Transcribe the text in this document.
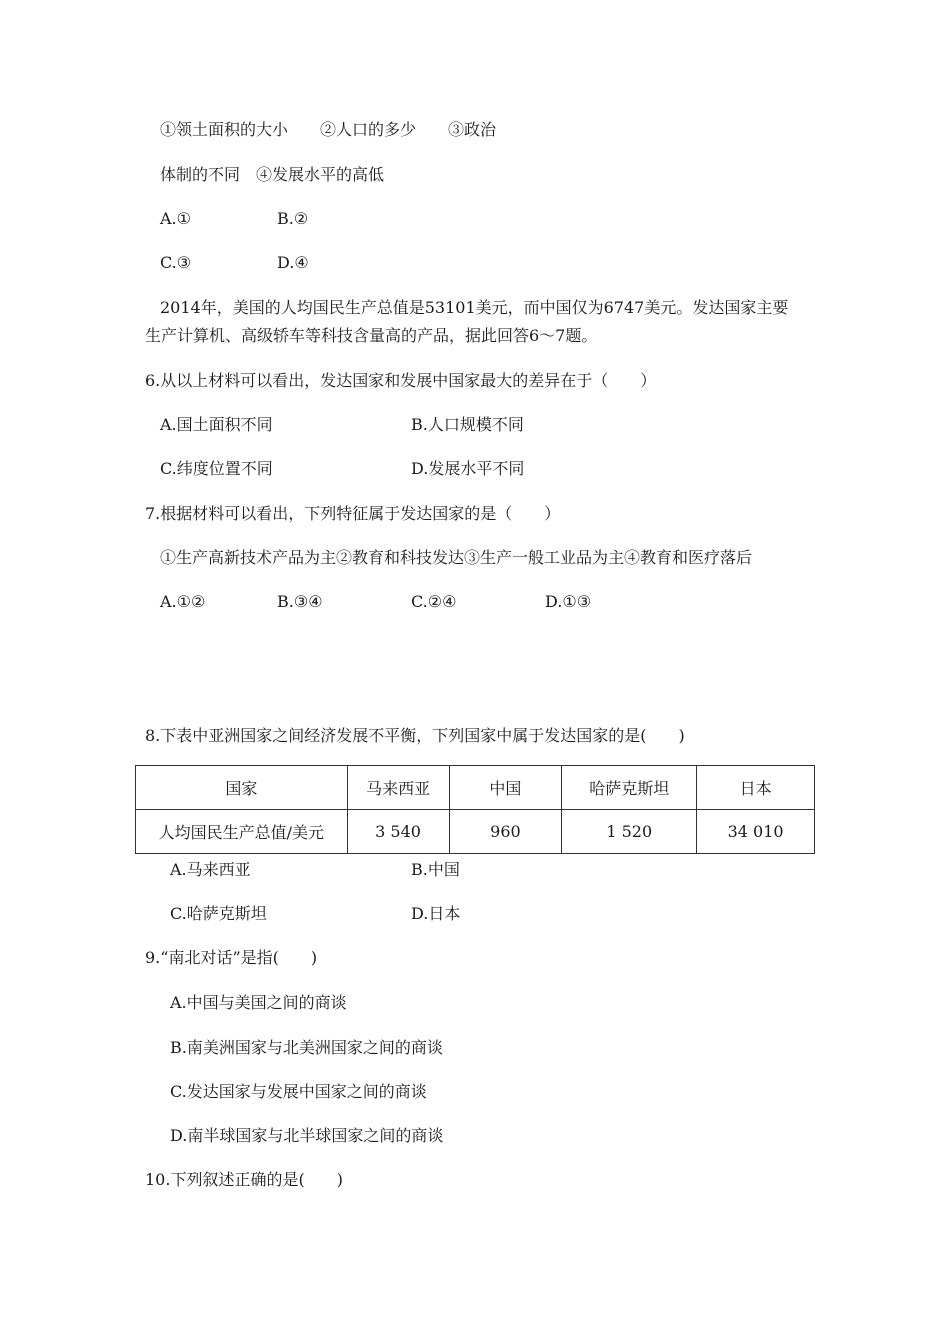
①领土面积的大小　　②人口的多少　　③政治
体制的不同　④发展水平的高低
A.①	B.②
C.③	D.④
2014年，美国的人均国民生产总值是53101美元，而中国仅为6747美元。发达国家主要
生产计算机、高级轿车等科技含量高的产品，据此回答6～7题。
6.从以上材料可以看出，发达国家和发展中国家最大的差异在于（　　）
A.国土面积不同	B.人口规模不同
C.纬度位置不同	D.发展水平不同
7.根据材料可以看出，下列特征属于发达国家的是（　　）
①生产高新技术产品为主②教育和科技发达③生产一般工业品为主④教育和医疗落后
A.①②	B.③④	C.②④	D.①③
8.下表中亚洲国家之间经济发展不平衡，下列国家中属于发达国家的是(　　)
国家	马来西亚	中国	哈萨克斯坦	日本
人均国民生产总值/美元	3 540	960	1 520	34 010
A.马来西亚	B.中国
C.哈萨克斯坦	D.日本
9.“南北对话”是指(　　)
A.中国与美国之间的商谈
B.南美洲国家与北美洲国家之间的商谈
C.发达国家与发展中国家之间的商谈
D.南半球国家与北半球国家之间的商谈
10.下列叙述正确的是(　　)
